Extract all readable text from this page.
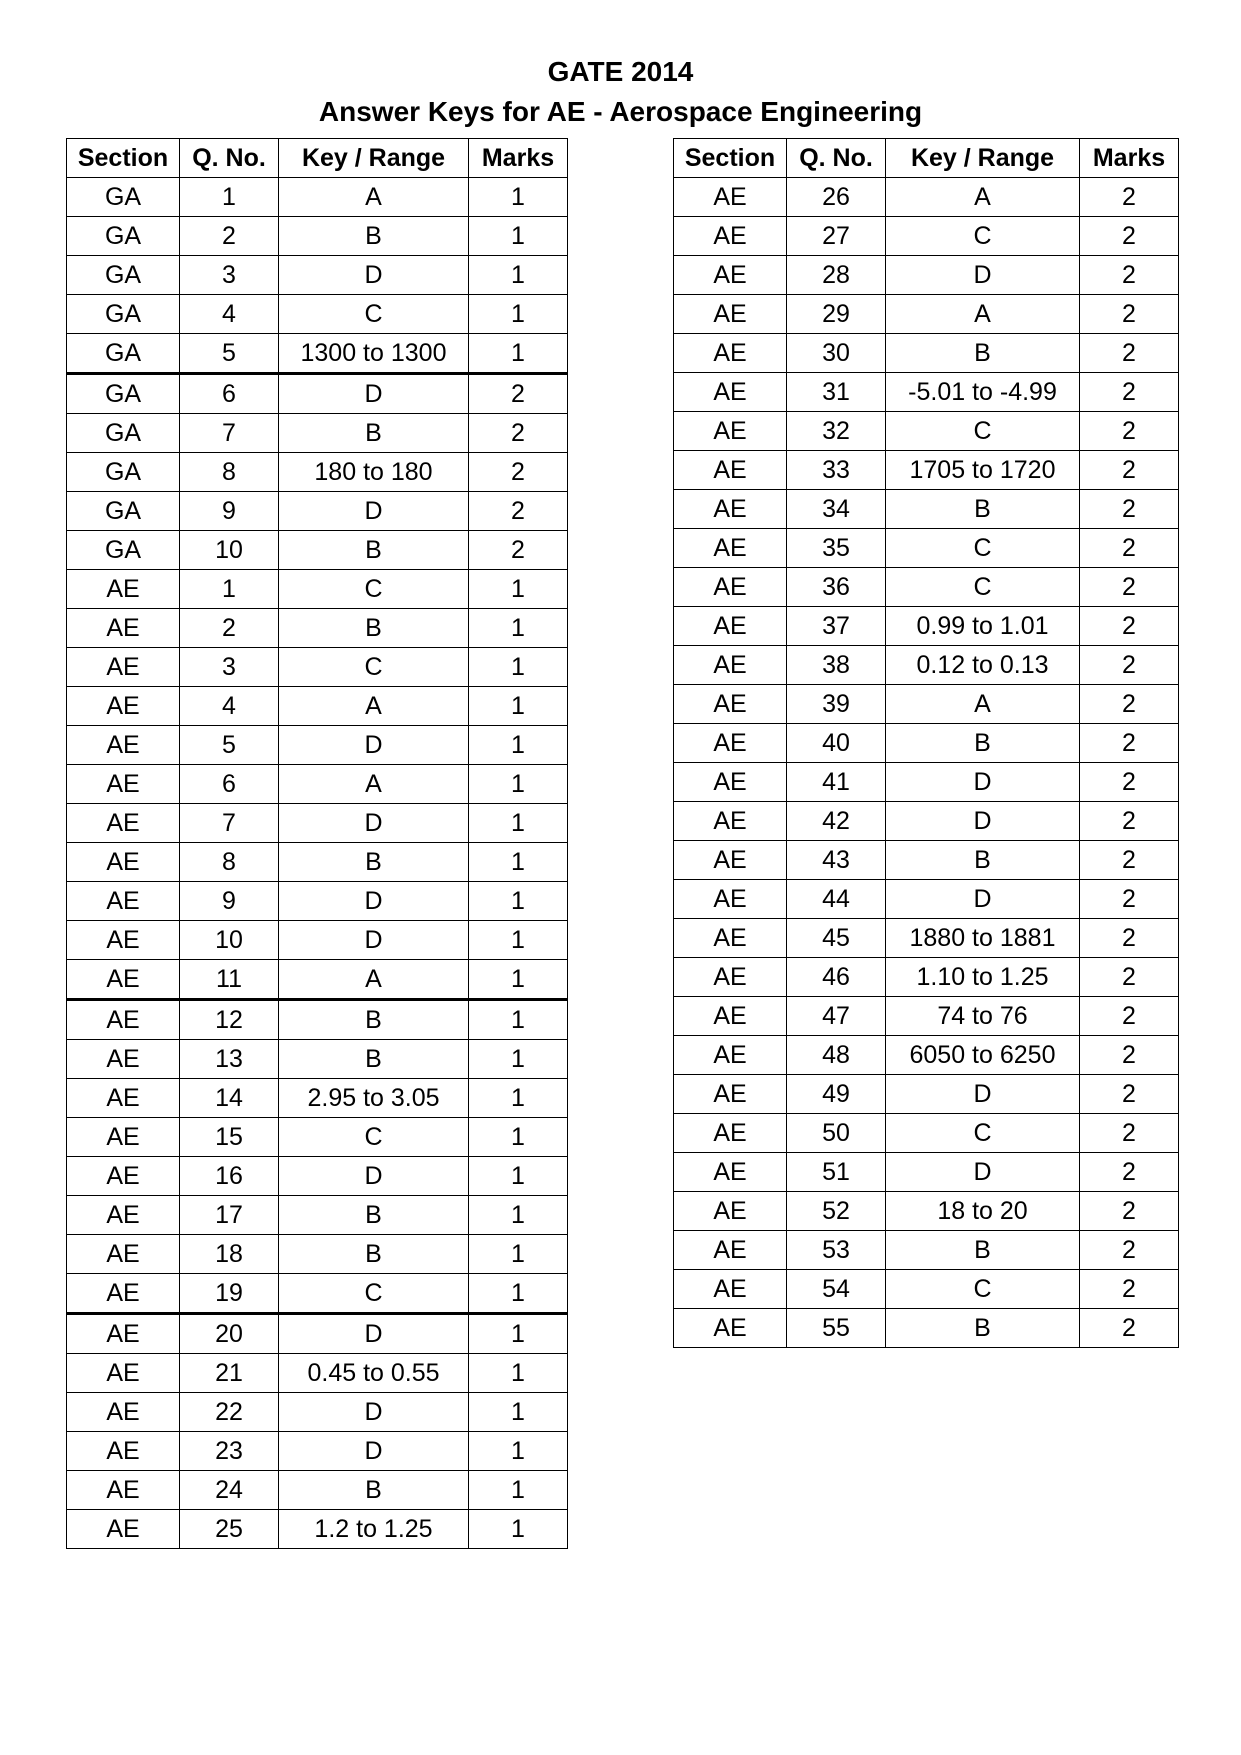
GATE 2014
Answer Keys for AE - Aerospace Engineering
Section	Q. No.	Key / Range	Marks
GA	1	A	1
GA	2	B	1
GA	3	D	1
GA	4	C	1
GA	5	1300 to 1300	1
GA	6	D	2
GA	7	B	2
GA	8	180 to 180	2
GA	9	D	2
GA	10	B	2
AE	1	C	1
AE	2	B	1
AE	3	C	1
AE	4	A	1
AE	5	D	1
AE	6	A	1
AE	7	D	1
AE	8	B	1
AE	9	D	1
AE	10	D	1
AE	11	A	1
AE	12	B	1
AE	13	B	1
AE	14	2.95 to 3.05	1
AE	15	C	1
AE	16	D	1
AE	17	B	1
AE	18	B	1
AE	19	C	1
AE	20	D	1
AE	21	0.45 to 0.55	1
AE	22	D	1
AE	23	D	1
AE	24	B	1
AE	25	1.2 to 1.25	1
Section	Q. No.	Key / Range	Marks
AE	26	A	2
AE	27	C	2
AE	28	D	2
AE	29	A	2
AE	30	B	2
AE	31	-5.01 to -4.99	2
AE	32	C	2
AE	33	1705 to 1720	2
AE	34	B	2
AE	35	C	2
AE	36	C	2
AE	37	0.99 to 1.01	2
AE	38	0.12 to 0.13	2
AE	39	A	2
AE	40	B	2
AE	41	D	2
AE	42	D	2
AE	43	B	2
AE	44	D	2
AE	45	1880 to 1881	2
AE	46	1.10 to 1.25	2
AE	47	74 to 76	2
AE	48	6050 to 6250	2
AE	49	D	2
AE	50	C	2
AE	51	D	2
AE	52	18 to 20	2
AE	53	B	2
AE	54	C	2
AE	55	B	2
